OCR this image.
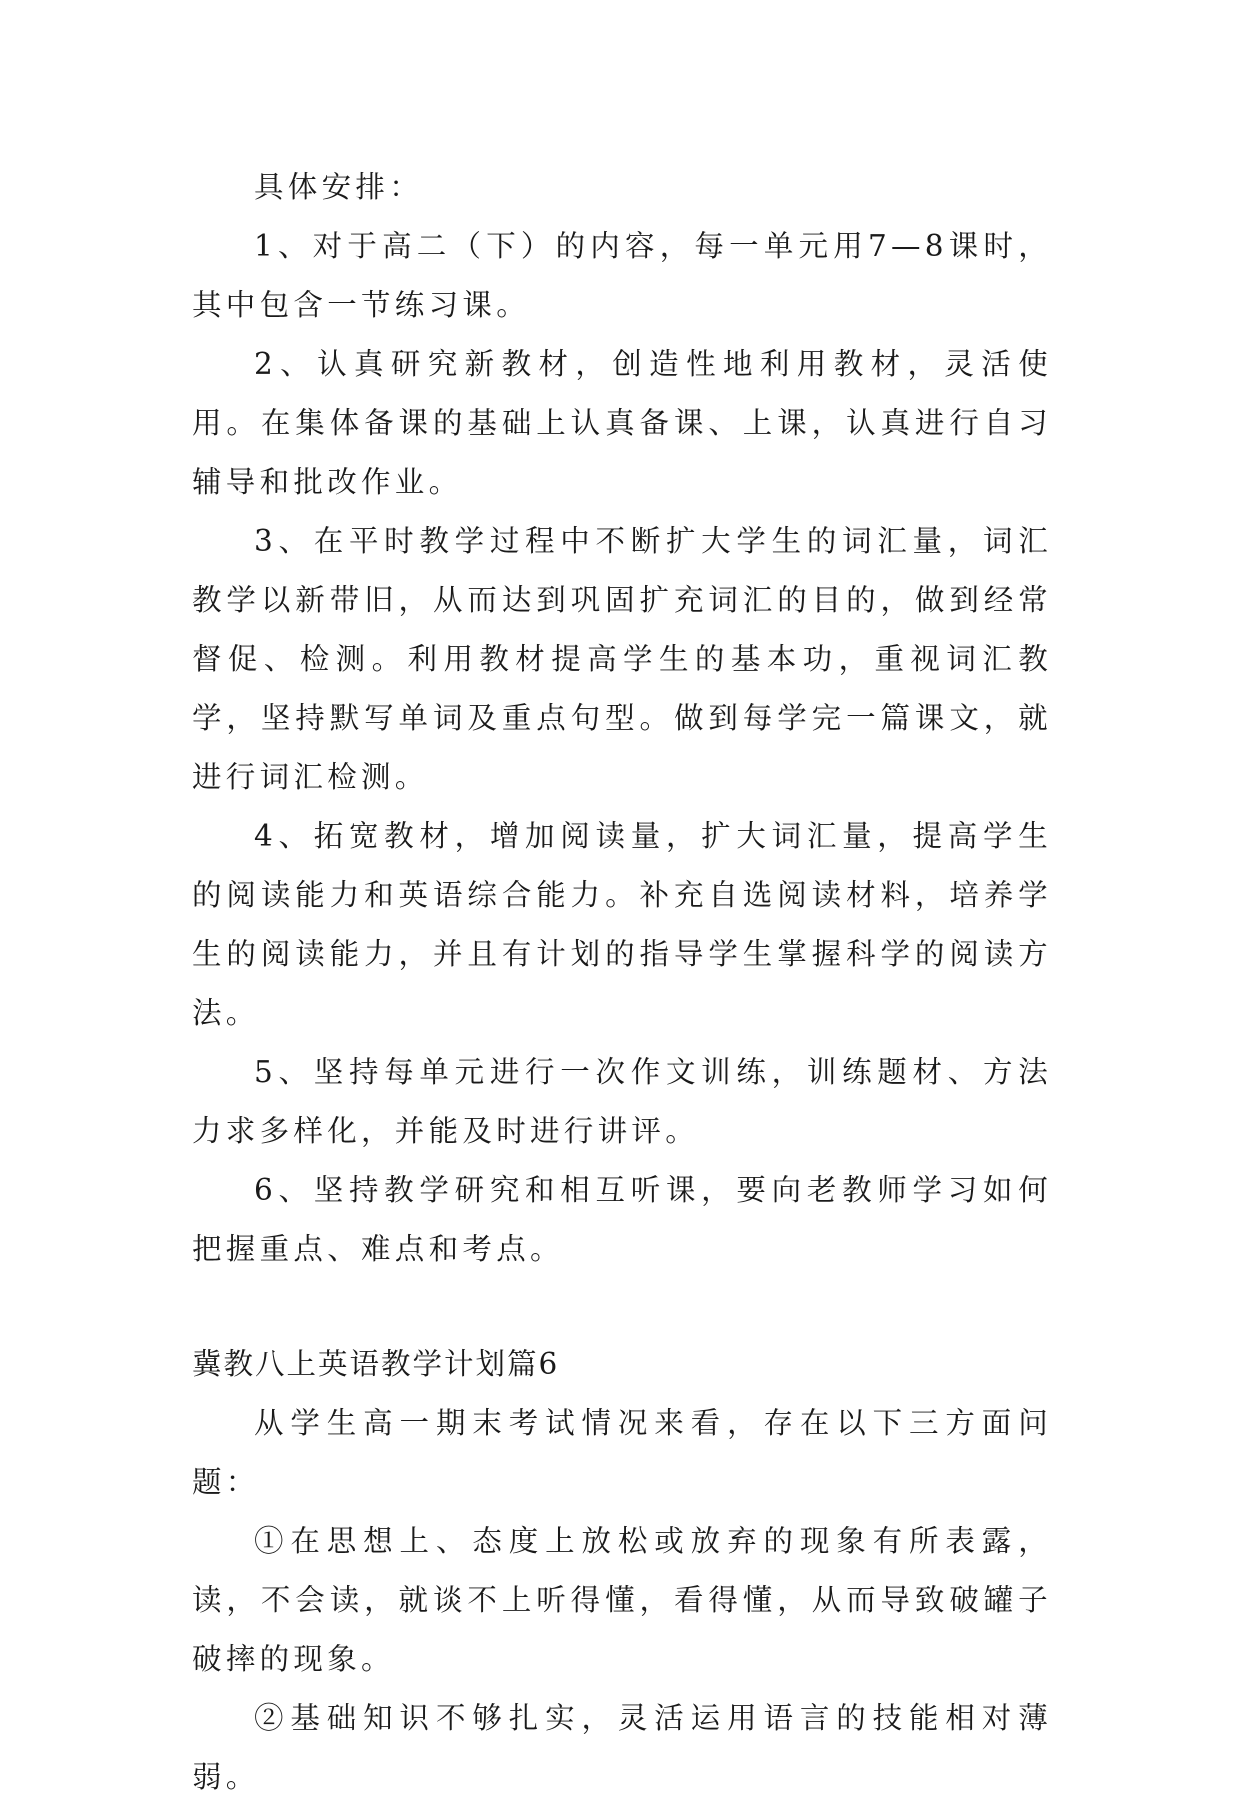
具体安排：

1、对于高二（下）的内容，每一单元用7—8课时，其中包含一节练习课。

2、认真研究新教材，创造性地利用教材，灵活使用。在集体备课的基础上认真备课、上课，认真进行自习辅导和批改作业。

3、在平时教学过程中不断扩大学生的词汇量，词汇教学以新带旧，从而达到巩固扩充词汇的目的，做到经常督促、检测。利用教材提高学生的基本功，重视词汇教学，坚持默写单词及重点句型。做到每学完一篇课文，就进行词汇检测。

4、拓宽教材，增加阅读量，扩大词汇量，提高学生的阅读能力和英语综合能力。补充自选阅读材料，培养学生的阅读能力，并且有计划的指导学生掌握科学的阅读方法。

5、坚持每单元进行一次作文训练，训练题材、方法力求多样化，并能及时进行讲评。

6、坚持教学研究和相互听课，要向老教师学习如何把握重点、难点和考点。

冀教八上英语教学计划篇6

从学生高一期末考试情况来看，存在以下三方面问题：

①在思想上、态度上放松或放弃的现象有所表露，读，不会读，就谈不上听得懂，看得懂，从而导致破罐子破摔的现象。

②基础知识不够扎实，灵活运用语言的技能相对薄弱。
